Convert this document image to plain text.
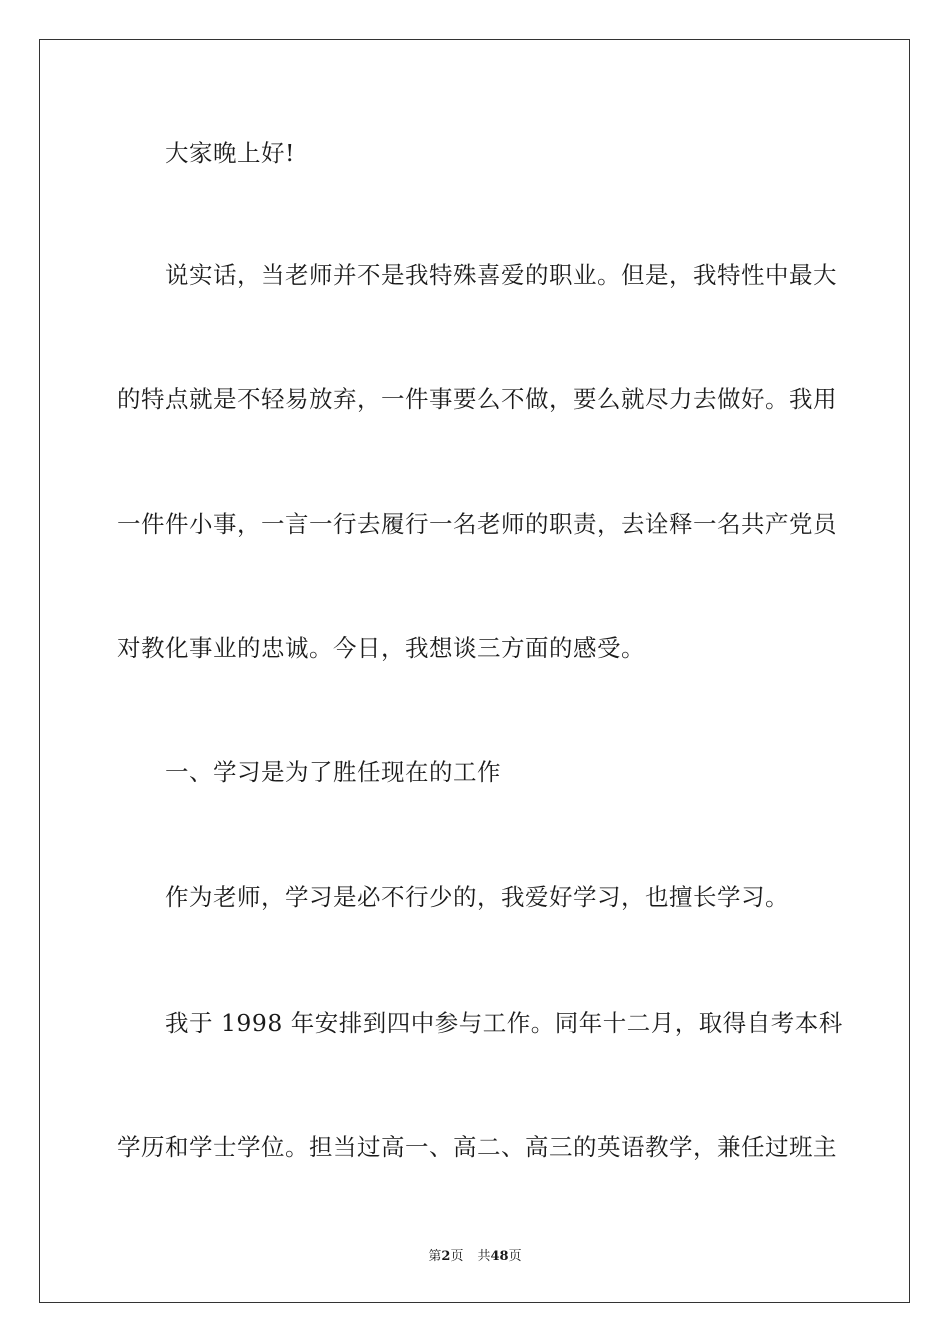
大家晚上好!
说实话，当老师并不是我特殊喜爱的职业。但是，我特性中最大
的特点就是不轻易放弃，一件事要么不做，要么就尽力去做好。我用
一件件小事，一言一行去履行一名老师的职责，去诠释一名共产党员
对教化事业的忠诚。今日，我想谈三方面的感受。
一、学习是为了胜任现在的工作
作为老师，学习是必不行少的，我爱好学习，也擅长学习。
我于 1998 年安排到四中参与工作。同年十二月，取得自考本科
学历和学士学位。担当过高一、高二、高三的英语教学，兼任过班主
第2页 共48页
